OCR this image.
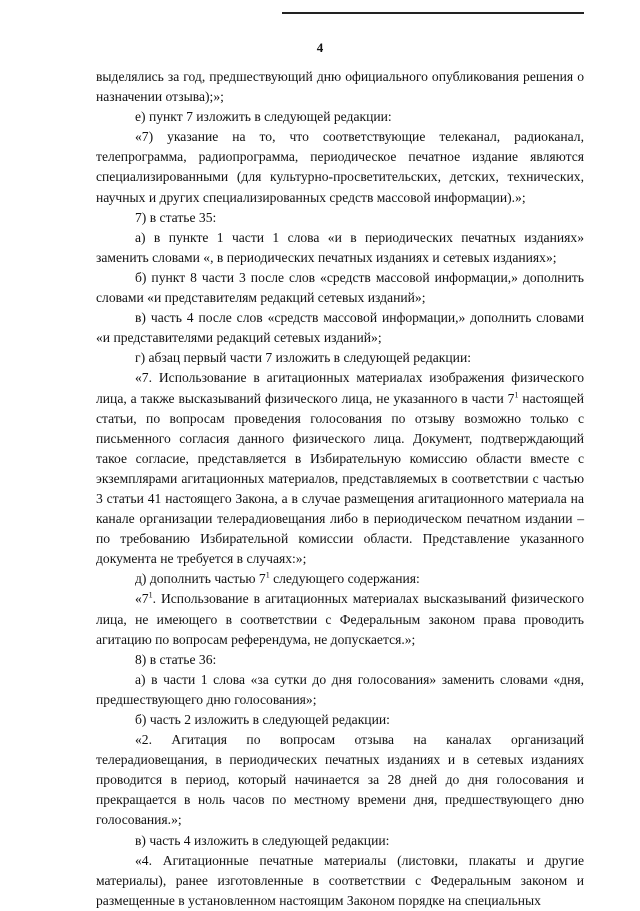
4

выделялись за год, предшествующий дню официального опубликования решения о назначении отзыва);»;

е) пункт 7 изложить в следующей редакции:

«7) указание на то, что соответствующие телеканал, радиоканал, телепрограмма, радиопрограмма, периодическое печатное издание являются специализированными (для культурно-просветительских, детских, технических, научных и других специализированных средств массовой информации).»;

7) в статье 35:

а) в пункте 1 части 1 слова «и в периодических печатных изданиях» заменить словами «, в периодических печатных изданиях и сетевых изданиях»;

б) пункт 8 части 3 после слов «средств массовой информации,» дополнить словами «и представителям редакций сетевых изданий»;

в) часть 4 после слов «средств массовой информации,» дополнить словами «и представителями редакций сетевых изданий»;

г) абзац первый части 7 изложить в следующей редакции:

«7. Использование в агитационных материалах изображения физического лица, а также высказываний физического лица, не указанного в части $7^1$ настоящей статьи, по вопросам проведения голосования по отзыву возможно только с письменного согласия данного физического лица. Документ, подтверждающий такое согласие, представляется в Избирательную комиссию области вместе с экземплярами агитационных материалов, представляемых в соответствии с частью 3 статьи 41 настоящего Закона, а в случае размещения агитационного материала на канале организации телерадиовещания либо в периодическом печатном издании – по требованию Избирательной комиссии области. Представление указанного документа не требуется в случаях:»;

д) дополнить частью $7^1$ следующего содержания:

«$7^1$. Использование в агитационных материалах высказываний физического лица, не имеющего в соответствии с Федеральным законом права проводить агитацию по вопросам референдума, не допускается.»;

8) в статье 36:

а) в части 1 слова «за сутки до дня голосования» заменить словами «дня, предшествующего дню голосования»;

б) часть 2 изложить в следующей редакции:

«2. Агитация по вопросам отзыва на каналах организаций телерадиовещания, в периодических печатных изданиях и в сетевых изданиях проводится в период, который начинается за 28 дней до дня голосования и прекращается в ноль часов по местному времени дня, предшествующего дню голосования.»;

в) часть 4 изложить в следующей редакции:

«4. Агитационные печатные материалы (листовки, плакаты и другие материалы), ранее изготовленные в соответствии с Федеральным законом и размещенные в установленном настоящим Законом порядке на специальных
